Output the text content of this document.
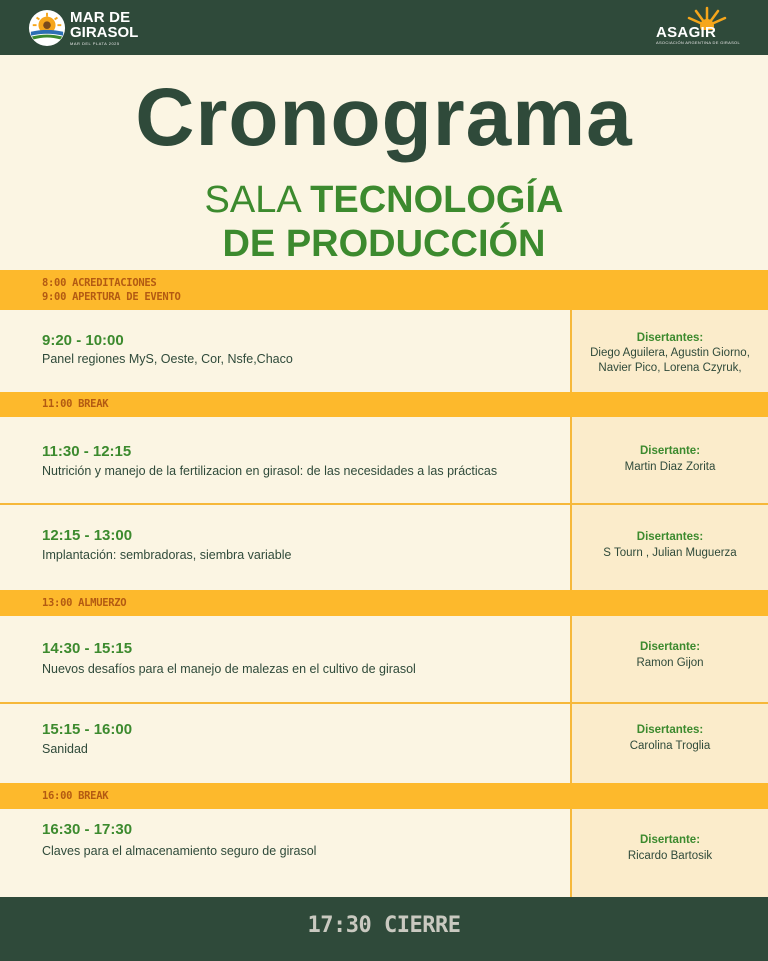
MAR DE
GIRASOL
MAR DEL PLATA 2025
ASAGIR
ASOCIACIÓN ARGENTINA DE GIRASOL
Cronograma
SALA TECNOLOGÍA
DE PRODUCCIÓN
8:00 ACREDITACIONES
9:00 APERTURA DE EVENTO
9:20 - 10:00
Panel regiones MyS, Oeste, Cor, Nsfe,Chaco
Disertantes:
Diego Aguilera, Agustin Giorno, Navier Pico, Lorena Czyruk,
11:00 BREAK
11:30 - 12:15
Nutrición y manejo de la fertilizacion en girasol: de las necesidades a las prácticas
Disertante:
Martin Diaz Zorita
12:15 - 13:00
Implantación: sembradoras, siembra variable
Disertantes:
S Tourn , Julian Muguerza
13:00 ALMUERZO
14:30 - 15:15
Nuevos desafíos para el manejo de malezas en el cultivo de girasol
Disertante:
Ramon Gijon
15:15 - 16:00
Sanidad
Disertantes:
Carolina Troglia
16:00 BREAK
16:30 - 17:30
Claves para el almacenamiento seguro de girasol
Disertante:
Ricardo Bartosik
17:30 CIERRE
